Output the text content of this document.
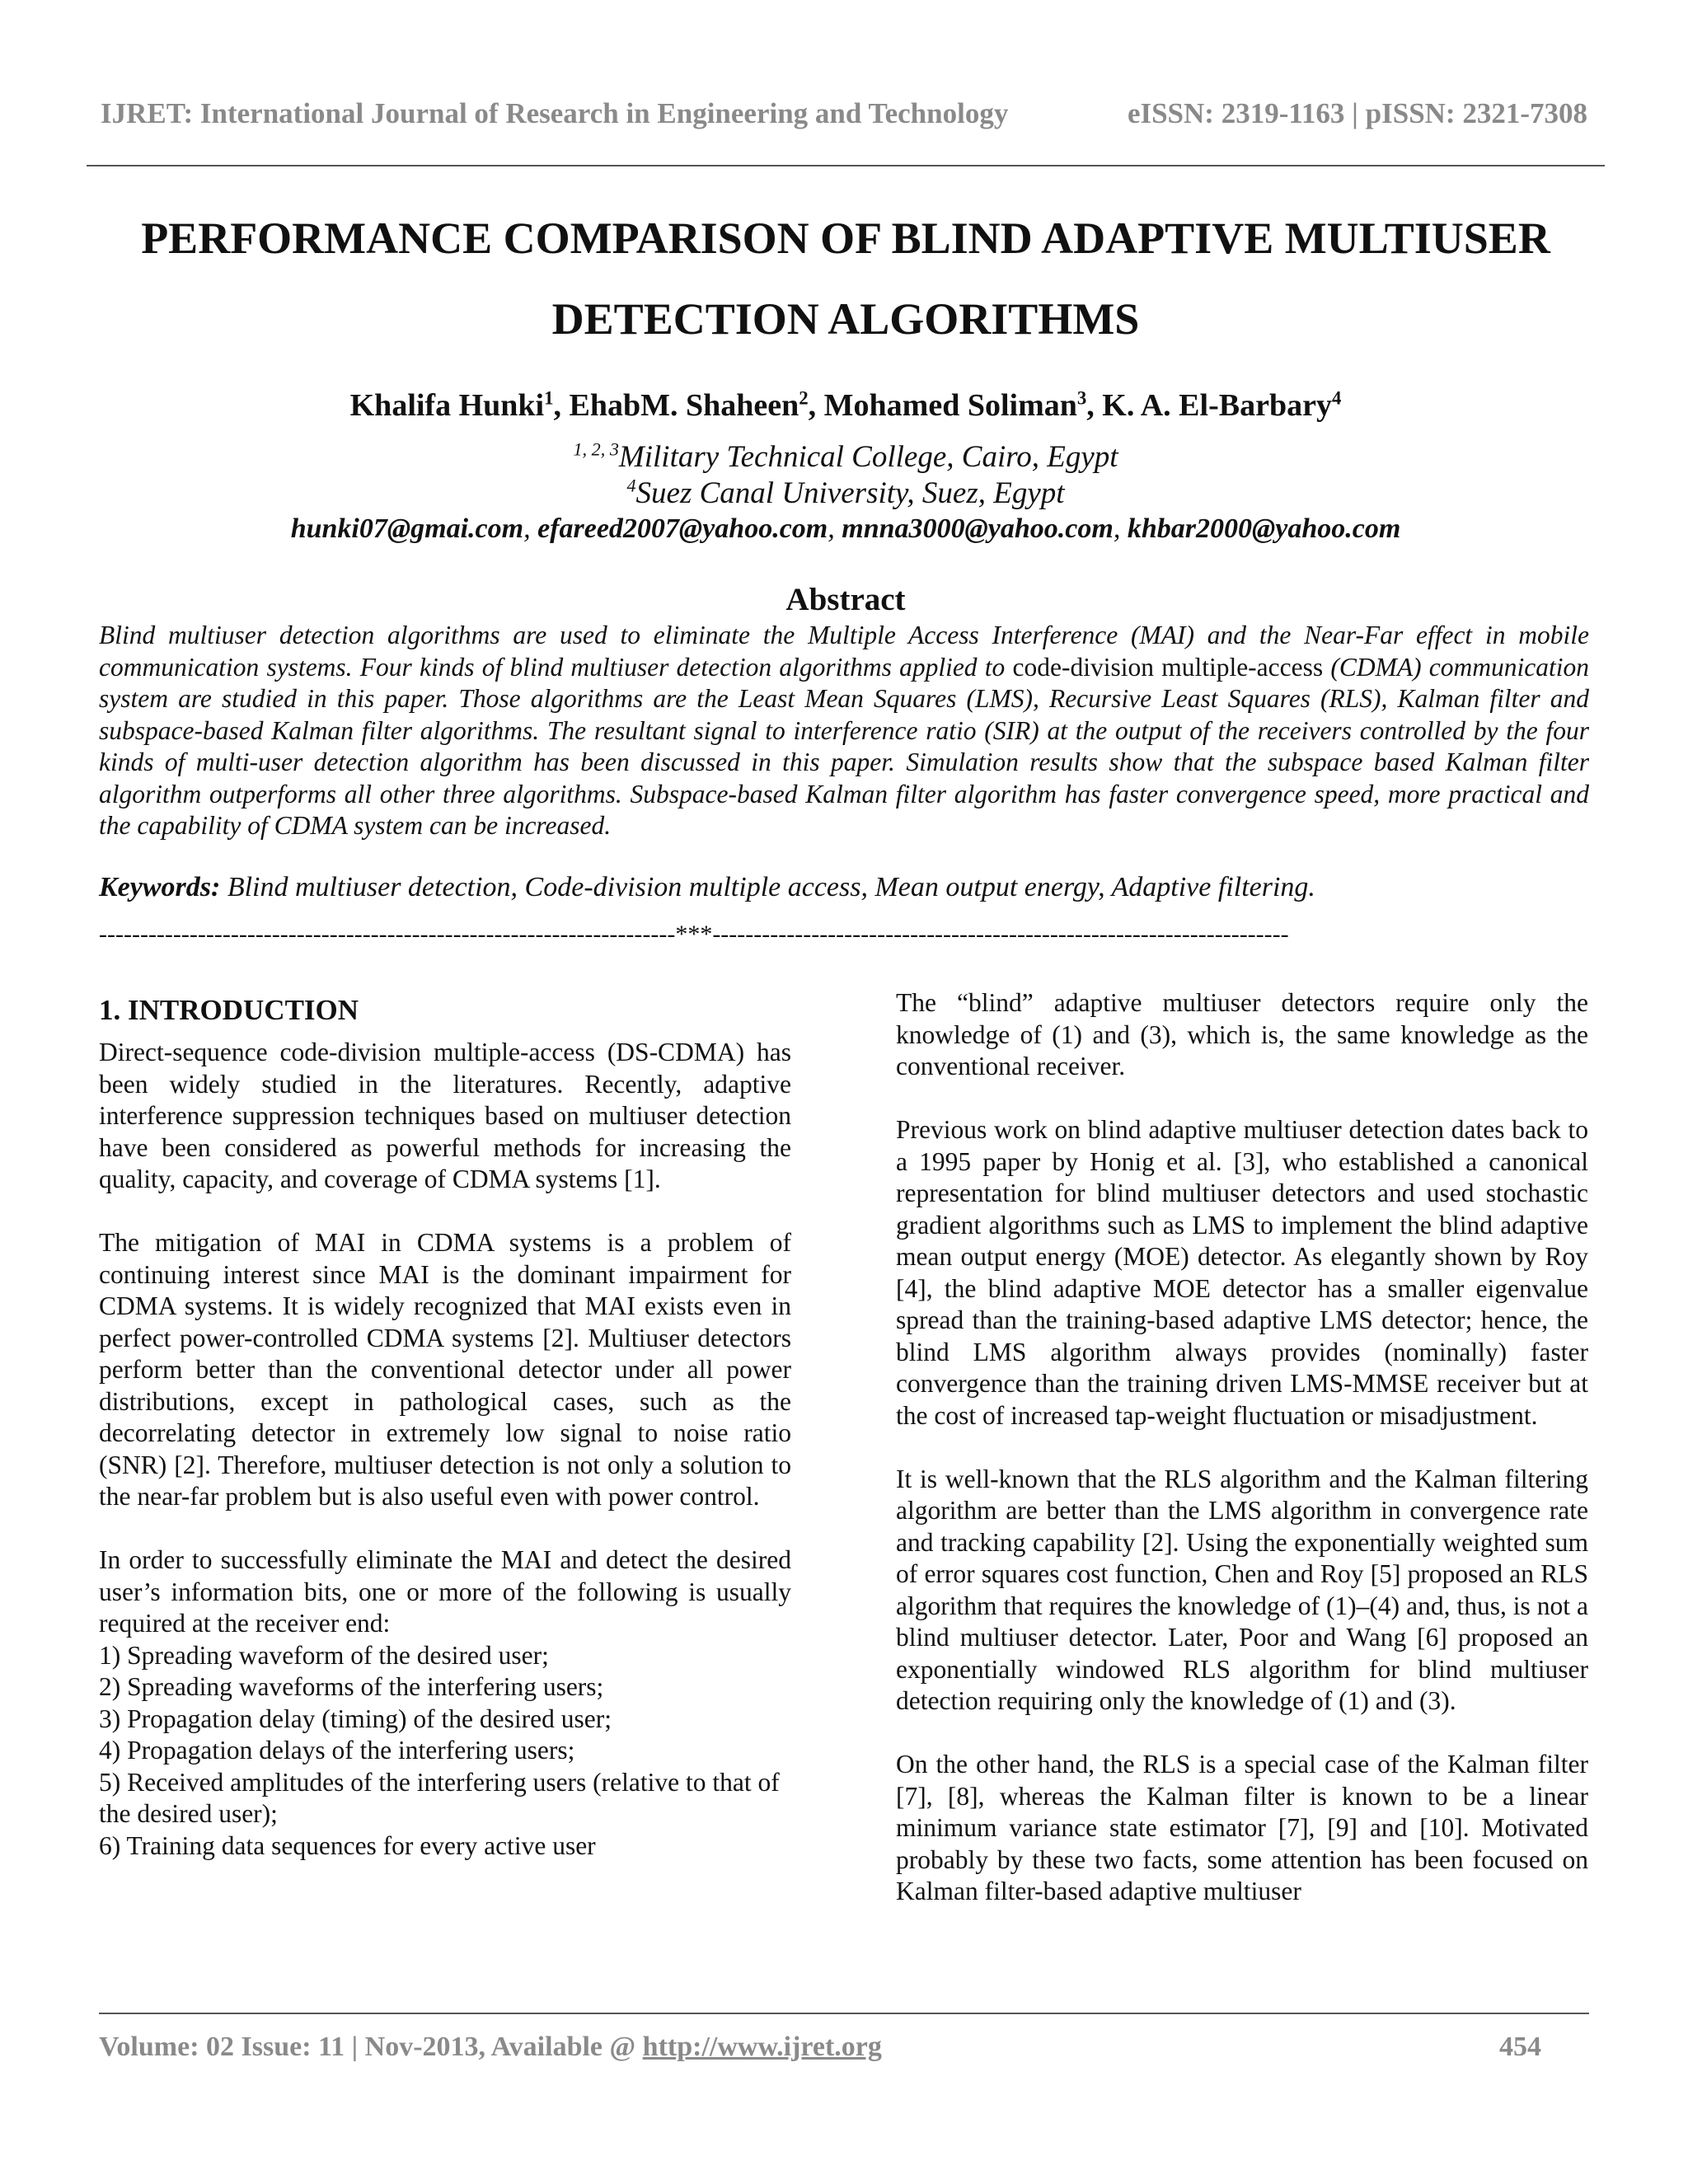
IJRET: International Journal of Research in Engineering and Technology	eISSN: 2319-1163 | pISSN: 2321-7308
PERFORMANCE COMPARISON OF BLIND ADAPTIVE MULTIUSER
DETECTION ALGORITHMS
Khalifa Hunki$^1$, EhabM. Shaheen$^2$, Mohamed Soliman$^3$, K. A. El-Barbary$^4$
$^{1, 2, 3}$Military Technical College, Cairo, Egypt
$^4$Suez Canal University, Suez, Egypt
hunki07@gmai.com, efareed2007@yahoo.com, mnna3000@yahoo.com, khbar2000@yahoo.com
Abstract
Blind multiuser detection algorithms are used to eliminate the Multiple Access Interference (MAI) and the Near-Far effect in mobile communication systems. Four kinds of blind multiuser detection algorithms applied to code-division multiple-access (CDMA) communication system are studied in this paper. Those algorithms are the Least Mean Squares (LMS), Recursive Least Squares (RLS), Kalman filter and subspace-based Kalman filter algorithms. The resultant signal to interference ratio (SIR) at the output of the receivers controlled by the four kinds of multi-user detection algorithm has been discussed in this paper. Simulation results show that the subspace based Kalman filter algorithm outperforms all other three algorithms. Subspace-based Kalman filter algorithm has faster convergence speed, more practical and the capability of CDMA system can be increased.
Keywords: Blind multiuser detection, Code-division multiple access, Mean output energy, Adaptive filtering.
----------------------------------------------------------------------***----------------------------------------------------------------------
1. INTRODUCTION

Direct-sequence code-division multiple-access (DS-CDMA) has been widely studied in the literatures. Recently, adaptive interference suppression techniques based on multiuser detection have been considered as powerful methods for increasing the quality, capacity, and coverage of CDMA systems [1].

The mitigation of MAI in CDMA systems is a problem of continuing interest since MAI is the dominant impairment for CDMA systems. It is widely recognized that MAI exists even in perfect power-controlled CDMA systems [2]. Multiuser detectors perform better than the conventional detector under all power distributions, except in pathological cases, such as the decorrelating detector in extremely low signal to noise ratio (SNR) [2]. Therefore, multiuser detection is not only a solution to the near-far problem but is also useful even with power control.

In order to successfully eliminate the MAI and detect the desired user’s information bits, one or more of the following is usually required at the receiver end:

1) Spreading waveform of the desired user;
2) Spreading waveforms of the interfering users;
3) Propagation delay (timing) of the desired user;
4) Propagation delays of the interfering users;
5) Received amplitudes of the interfering users (relative to that of the desired user);
6) Training data sequences for every active user

The “blind” adaptive multiuser detectors require only the knowledge of (1) and (3), which is, the same knowledge as the conventional receiver.

Previous work on blind adaptive multiuser detection dates back to a 1995 paper by Honig et al. [3], who established a canonical representation for blind multiuser detectors and used stochastic gradient algorithms such as LMS to implement the blind adaptive mean output energy (MOE) detector. As elegantly shown by Roy [4], the blind adaptive MOE detector has a smaller eigenvalue spread than the training-based adaptive LMS detector; hence, the blind LMS algorithm always provides (nominally) faster convergence than the training driven LMS-MMSE receiver but at the cost of increased tap-weight fluctuation or misadjustment.

It is well-known that the RLS algorithm and the Kalman filtering algorithm are better than the LMS algorithm in convergence rate and tracking capability [2]. Using the exponentially weighted sum of error squares cost function, Chen and Roy [5] proposed an RLS algorithm that requires the knowledge of (1)–(4) and, thus, is not a blind multiuser detector. Later, Poor and Wang [6] proposed an exponentially windowed RLS algorithm for blind multiuser detection requiring only the knowledge of (1) and (3).

On the other hand, the RLS is a special case of the Kalman filter [7], [8], whereas the Kalman filter is known to be a linear minimum variance state estimator [7], [9] and [10]. Motivated probably by these two facts, some attention has been focused on Kalman filter-based adaptive multiuser

Volume: 02 Issue: 11 | Nov-2013, Available @ http://www.ijret.org	454
